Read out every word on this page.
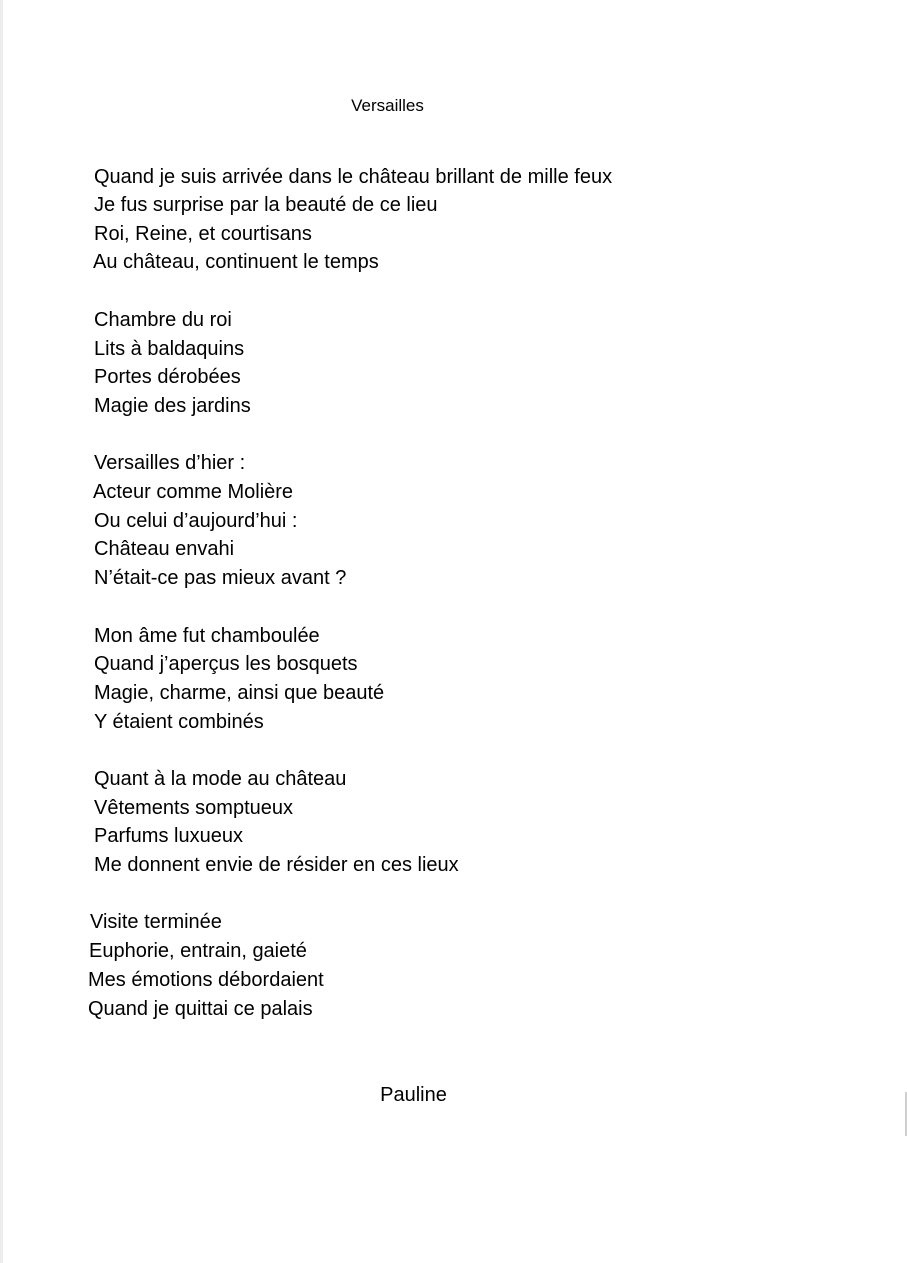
Versailles
Quand je suis arrivée dans le château brillant de mille feux
Je fus surprise par la beauté de ce lieu
Roi, Reine, et courtisans
Au château, continuent le temps
Chambre du roi
Lits à baldaquins
Portes dérobées
Magie des jardins
Versailles d’hier :
Acteur comme Molière
Ou celui d’aujourd’hui :
Château envahi
N’était-ce pas mieux avant ?
Mon âme fut chamboulée
Quand j’aperçus les bosquets
Magie, charme, ainsi que beauté
Y étaient combinés
Quant à la mode au château
Vêtements somptueux
Parfums luxueux
Me donnent envie de résider en ces lieux
Visite terminée
Euphorie, entrain, gaieté
Mes émotions débordaient
Quand je quittai ce palais
Pauline
